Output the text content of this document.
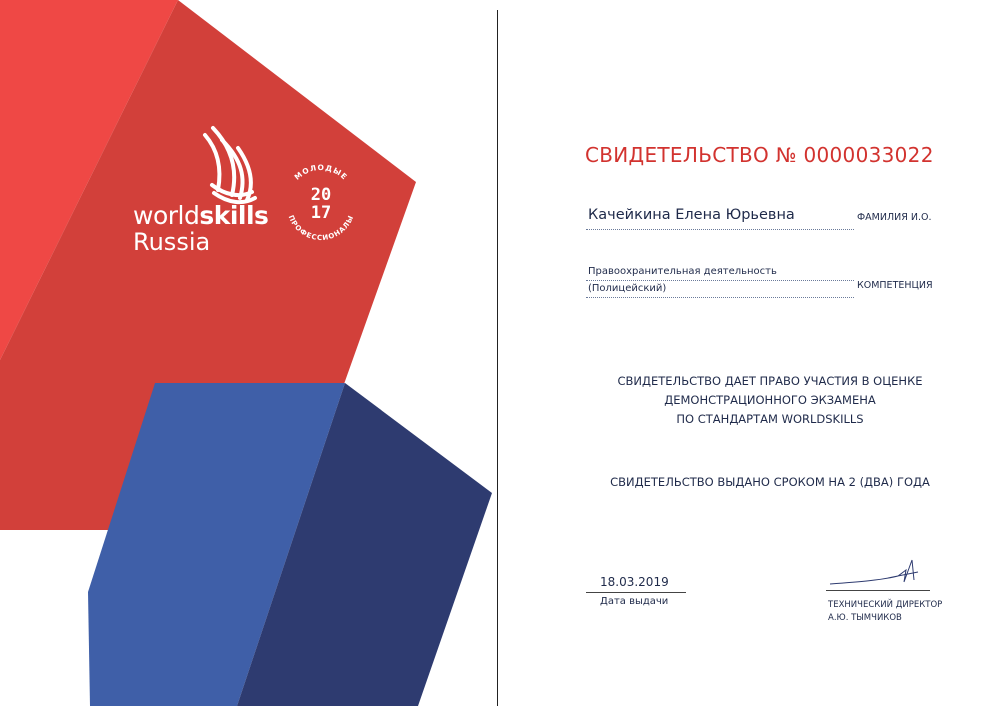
worldskills
Russia
МОЛОДЫЕ
ПРОФЕССИОНАЛЫ
20
17
СВИДЕТЕЛЬСТВО № 0000033022
Качейкина Елена Юрьевна	ФАМИЛИЯ И.О.
Правоохранительная деятельность
(Полицейский)	КОМПЕТЕНЦИЯ
СВИДЕТЕЛЬСТВО ДАЕТ ПРАВО УЧАСТИЯ В ОЦЕНКЕ
ДЕМОНСТРАЦИОННОГО ЭКЗАМЕНА
ПО СТАНДАРТАМ WORLDSKILLS
СВИДЕТЕЛЬСТВО ВЫДАНО СРОКОМ НА 2 (ДВА) ГОДА
18.03.2019
Дата выдачи	ТЕХНИЧЕСКИЙ ДИРЕКТОР
А.Ю. ТЫМЧИКОВ
